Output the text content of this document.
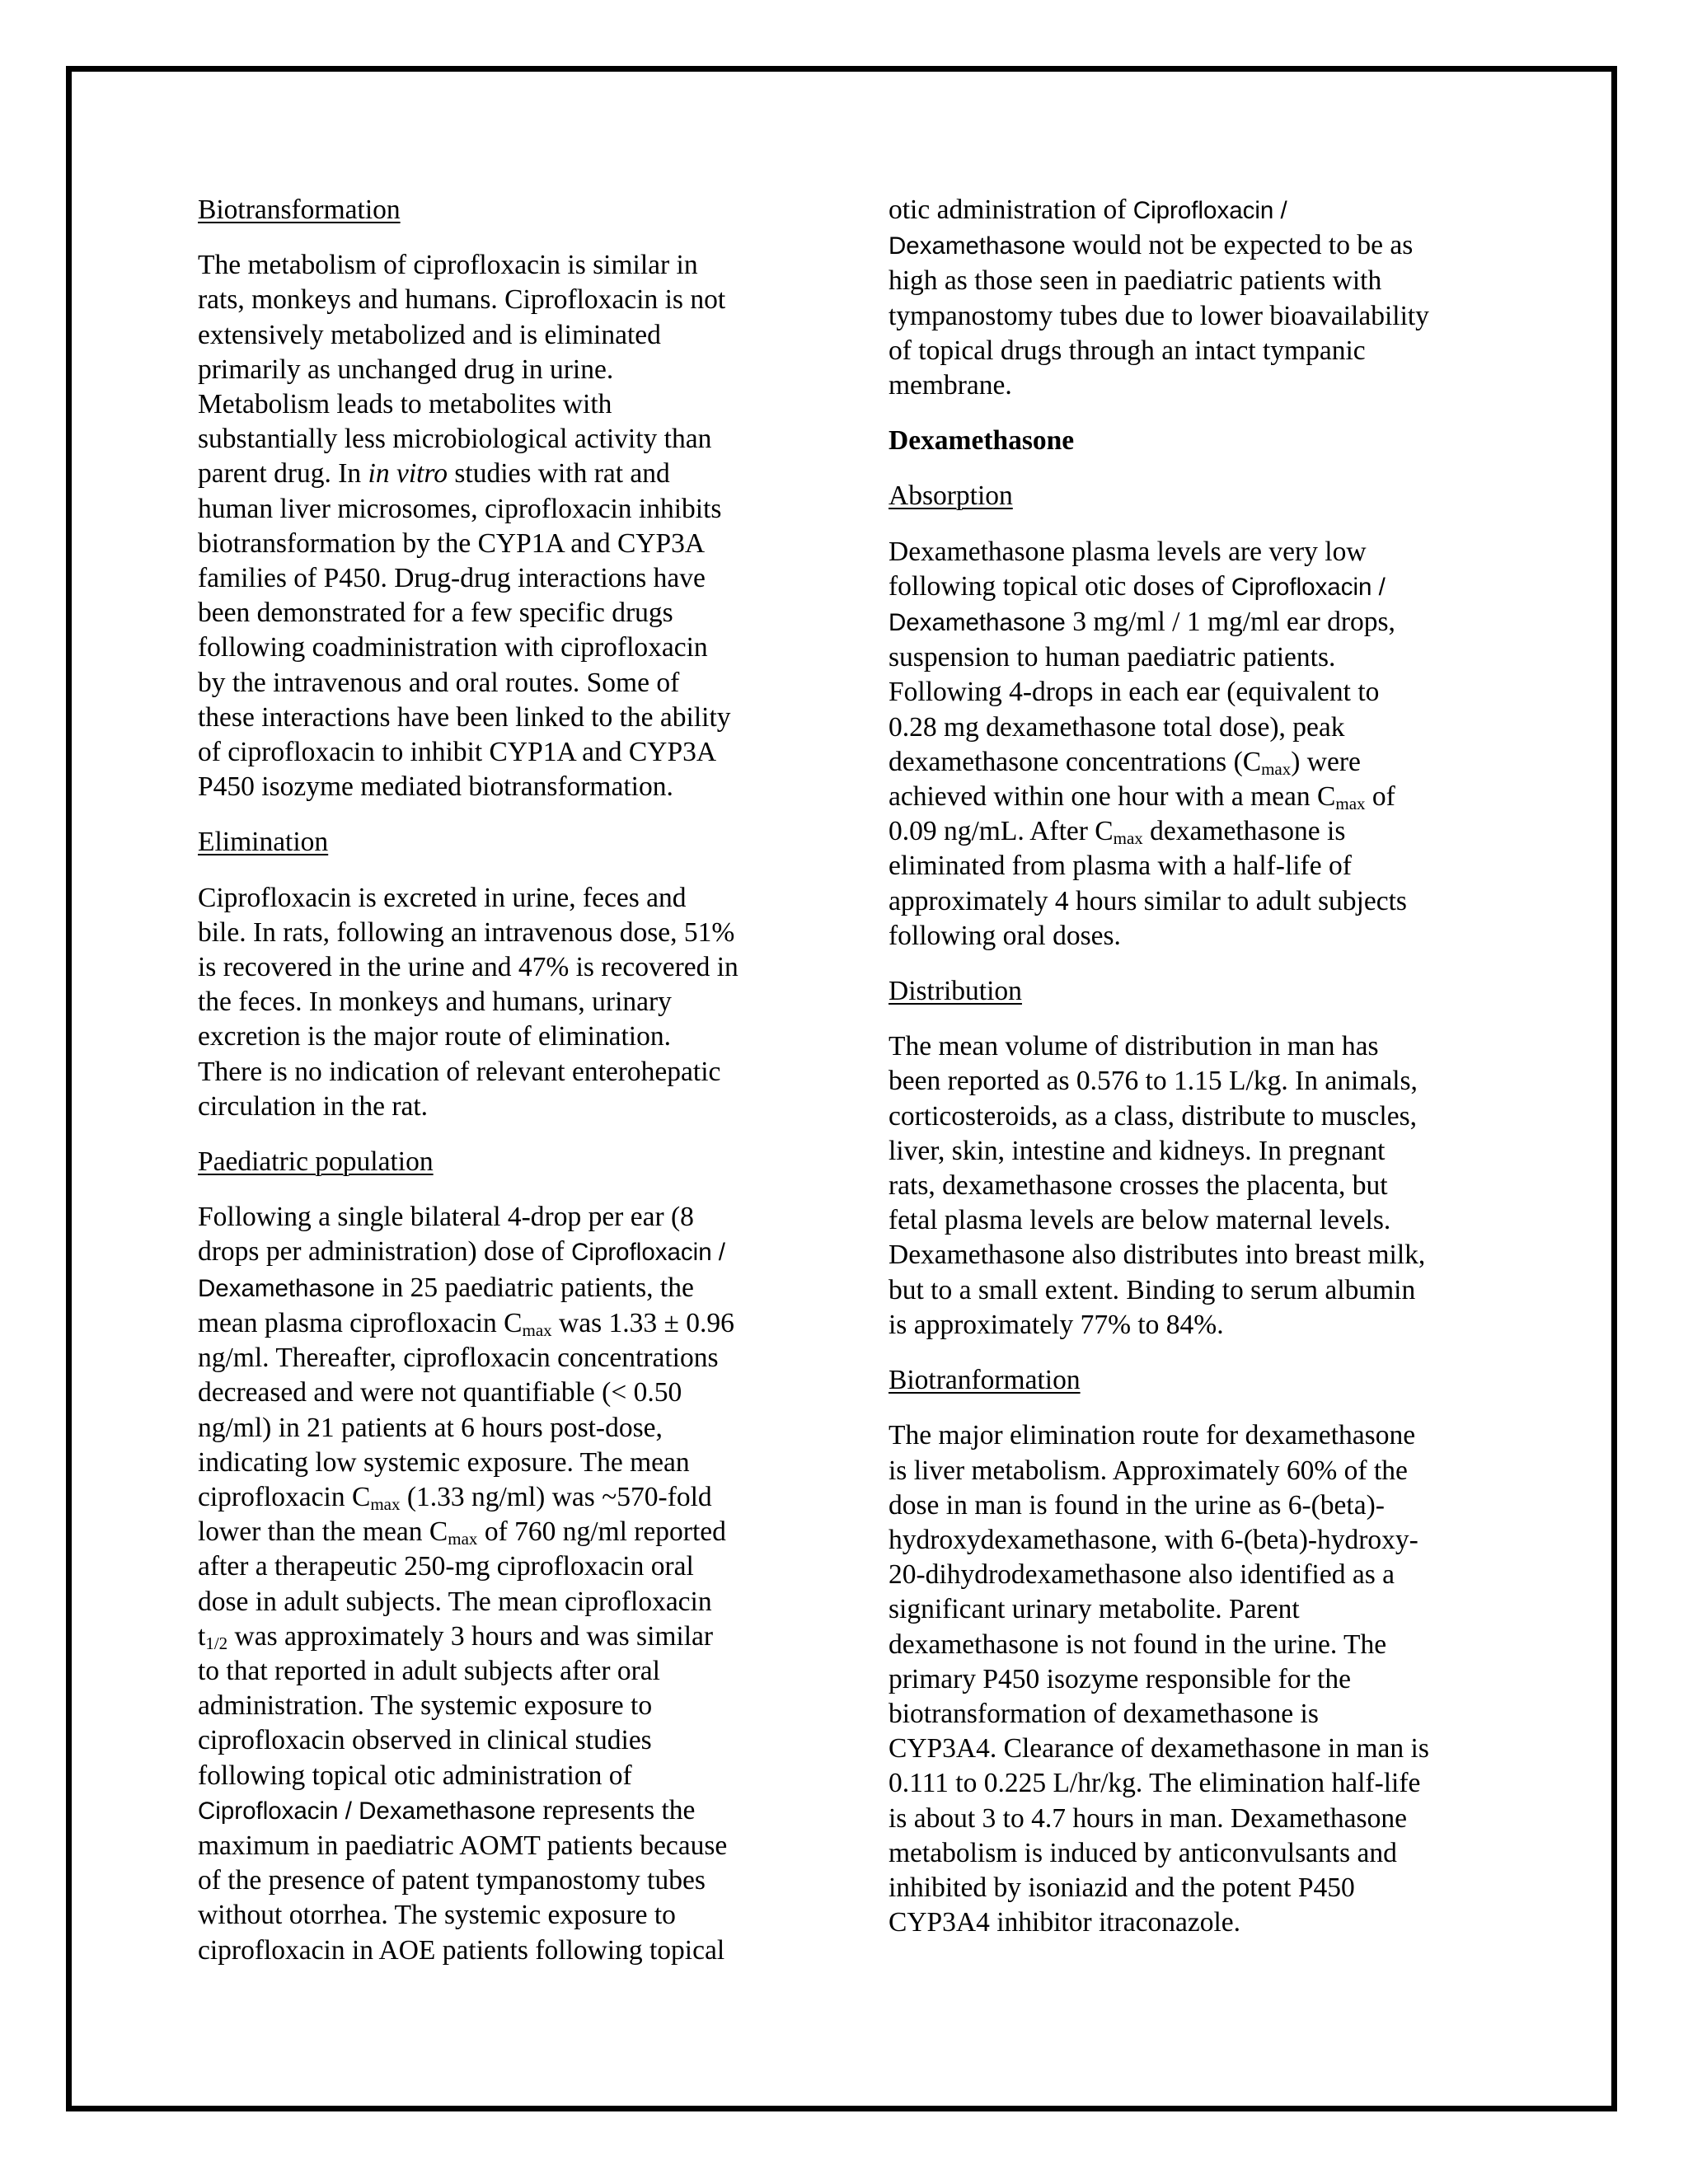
Biotransformation

The metabolism of ciprofloxacin is similar in
rats, monkeys and humans. Ciprofloxacin is not
extensively metabolized and is eliminated
primarily as unchanged drug in urine.
Metabolism leads to metabolites with
substantially less microbiological activity than
parent drug. In in vitro studies with rat and
human liver microsomes, ciprofloxacin inhibits
biotransformation by the CYP1A and CYP3A
families of P450. Drug-drug interactions have
been demonstrated for a few specific drugs
following coadministration with ciprofloxacin
by the intravenous and oral routes. Some of
these interactions have been linked to the ability
of ciprofloxacin to inhibit CYP1A and CYP3A
P450 isozyme mediated biotransformation.

Elimination

Ciprofloxacin is excreted in urine, feces and
bile. In rats, following an intravenous dose, 51%
is recovered in the urine and 47% is recovered in
the feces. In monkeys and humans, urinary
excretion is the major route of elimination.
There is no indication of relevant enterohepatic
circulation in the rat.

Paediatric population

Following a single bilateral 4-drop per ear (8
drops per administration) dose of Ciprofloxacin /
Dexamethasone in 25 paediatric patients, the
mean plasma ciprofloxacin $C_{max}$ was 1.33 ± 0.96
ng/ml. Thereafter, ciprofloxacin concentrations
decreased and were not quantifiable (< 0.50
ng/ml) in 21 patients at 6 hours post-dose,
indicating low systemic exposure. The mean
ciprofloxacin $C_{max}$ (1.33 ng/ml) was ~570-fold
lower than the mean $C_{max}$ of 760 ng/ml reported
after a therapeutic 250-mg ciprofloxacin oral
dose in adult subjects. The mean ciprofloxacin
$t_{1/2}$ was approximately 3 hours and was similar
to that reported in adult subjects after oral
administration. The systemic exposure to
ciprofloxacin observed in clinical studies
following topical otic administration of
Ciprofloxacin / Dexamethasone represents the
maximum in paediatric AOMT patients because
of the presence of patent tympanostomy tubes
without otorrhea. The systemic exposure to
ciprofloxacin in AOE patients following topical

otic administration of Ciprofloxacin /
Dexamethasone would not be expected to be as
high as those seen in paediatric patients with
tympanostomy tubes due to lower bioavailability
of topical drugs through an intact tympanic
membrane.

Dexamethasone
Absorption

Dexamethasone plasma levels are very low
following topical otic doses of Ciprofloxacin /
Dexamethasone 3 mg/ml / 1 mg/ml ear drops,
suspension to human paediatric patients.
Following 4-drops in each ear (equivalent to
0.28 mg dexamethasone total dose), peak
dexamethasone concentrations $(C_{max})$ were
achieved within one hour with a mean $C_{max}$ of
0.09 ng/mL. After $C_{max}$ dexamethasone is
eliminated from plasma with a half-life of
approximately 4 hours similar to adult subjects
following oral doses.

Distribution

The mean volume of distribution in man has
been reported as 0.576 to 1.15 L/kg. In animals,
corticosteroids, as a class, distribute to muscles,
liver, skin, intestine and kidneys. In pregnant
rats, dexamethasone crosses the placenta, but
fetal plasma levels are below maternal levels.
Dexamethasone also distributes into breast milk,
but to a small extent. Binding to serum albumin
is approximately 77% to 84%.

Biotranformation

The major elimination route for dexamethasone
is liver metabolism. Approximately 60% of the
dose in man is found in the urine as 6-(beta)-
hydroxydexamethasone, with 6-(beta)-hydroxy-
20-dihydrodexamethasone also identified as a
significant urinary metabolite. Parent
dexamethasone is not found in the urine. The
primary P450 isozyme responsible for the
biotransformation of dexamethasone is
CYP3A4. Clearance of dexamethasone in man is
0.111 to 0.225 L/hr/kg. The elimination half-life
is about 3 to 4.7 hours in man. Dexamethasone
metabolism is induced by anticonvulsants and
inhibited by isoniazid and the potent P450
CYP3A4 inhibitor itraconazole.
